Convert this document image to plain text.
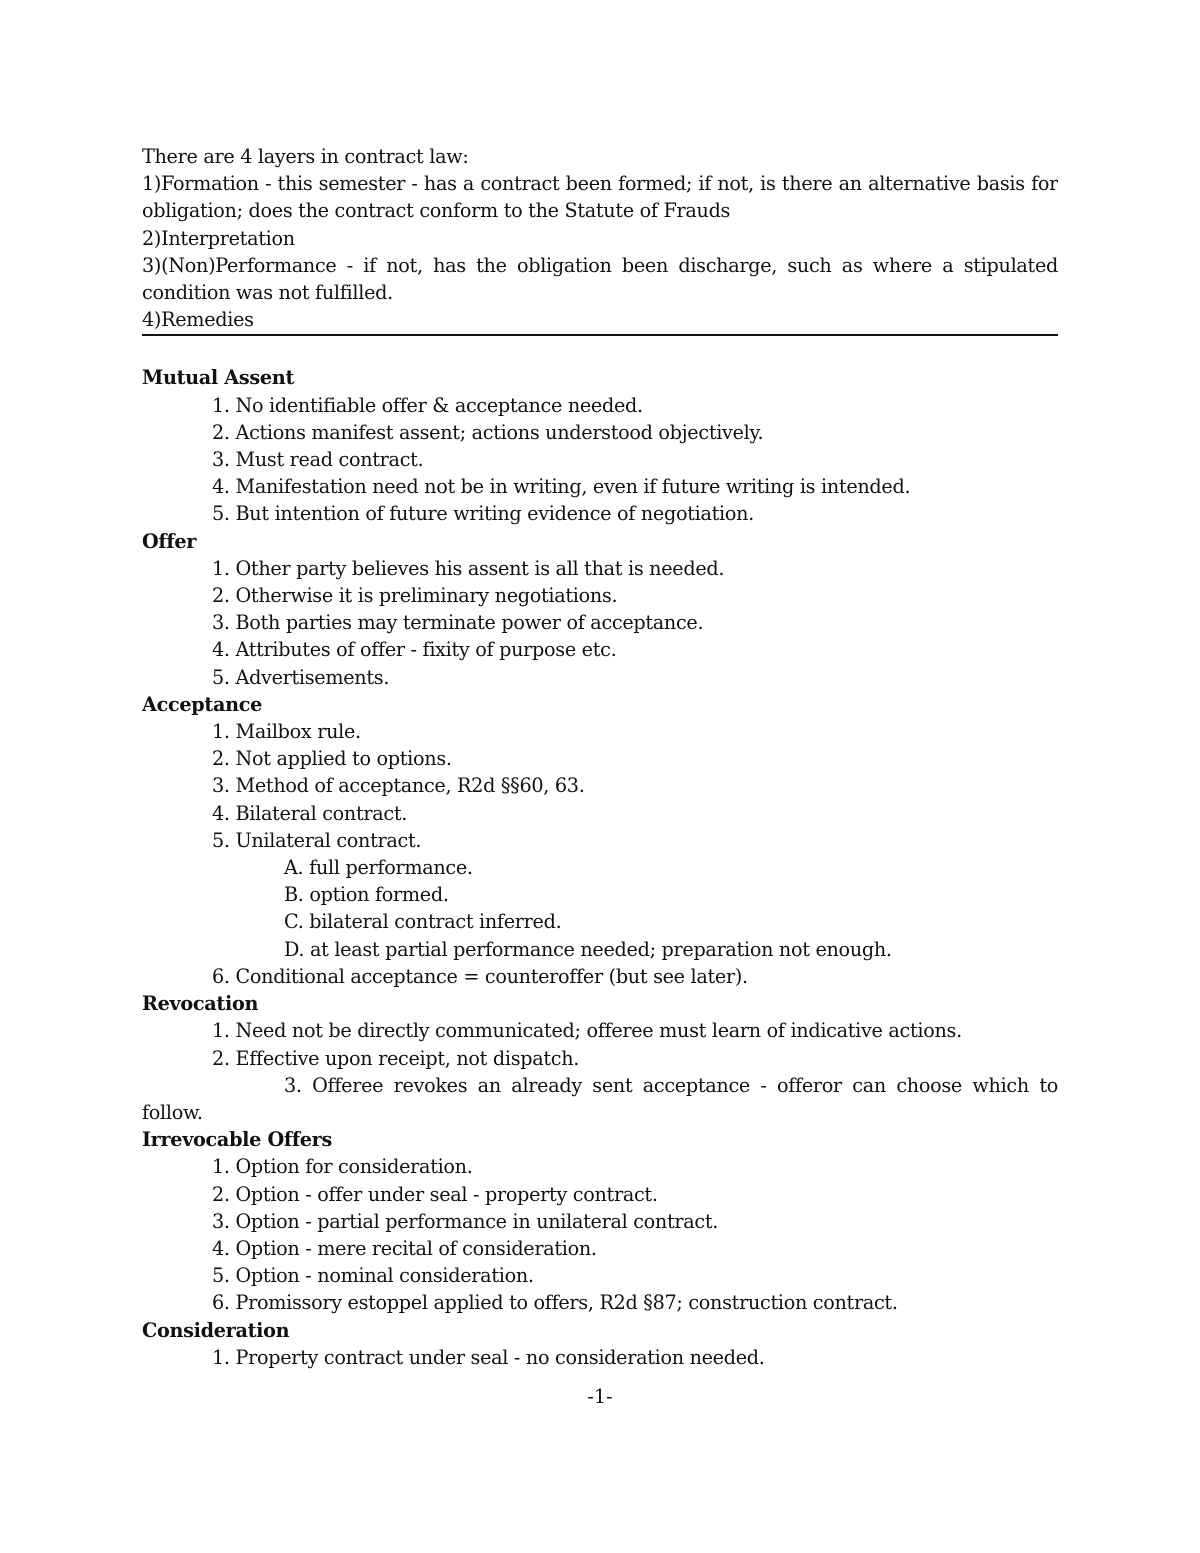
There are 4 layers in contract law:

1)Formation - this semester - has a contract been formed; if not, is there an alternative basis for obligation; does the contract conform to the Statute of Frauds

2)Interpretation

3)(Non)Performance - if not, has the obligation been discharge, such as where a stipulated condition was not fulfilled.

4)Remedies

Mutual Assent

1. No identifiable offer & acceptance needed.

2. Actions manifest assent; actions understood objectively.

3. Must read contract.

4. Manifestation need not be in writing, even if future writing is intended.

5. But intention of future writing evidence of negotiation.

Offer

1. Other party believes his assent is all that is needed.

2. Otherwise it is preliminary negotiations.

3. Both parties may terminate power of acceptance.

4. Attributes of offer - fixity of purpose etc.

5. Advertisements.

Acceptance

1. Mailbox rule.

2. Not applied to options.

3. Method of acceptance, R2d §§60, 63.

4. Bilateral contract.

5. Unilateral contract.

A. full performance.

B. option formed.

C. bilateral contract inferred.

D. at least partial performance needed; preparation not enough.

6. Conditional acceptance = counteroffer (but see later).

Revocation

1. Need not be directly communicated; offeree must learn of indicative actions.

2. Effective upon receipt, not dispatch.

3. Offeree revokes an already sent acceptance - offeror can choose which to follow.

Irrevocable Offers

1. Option for consideration.

2. Option - offer under seal - property contract.

3. Option - partial performance in unilateral contract.

4. Option - mere recital of consideration.

5. Option - nominal consideration.

6. Promissory estoppel applied to offers, R2d §87; construction contract.

Consideration

1. Property contract under seal - no consideration needed.

-1-
